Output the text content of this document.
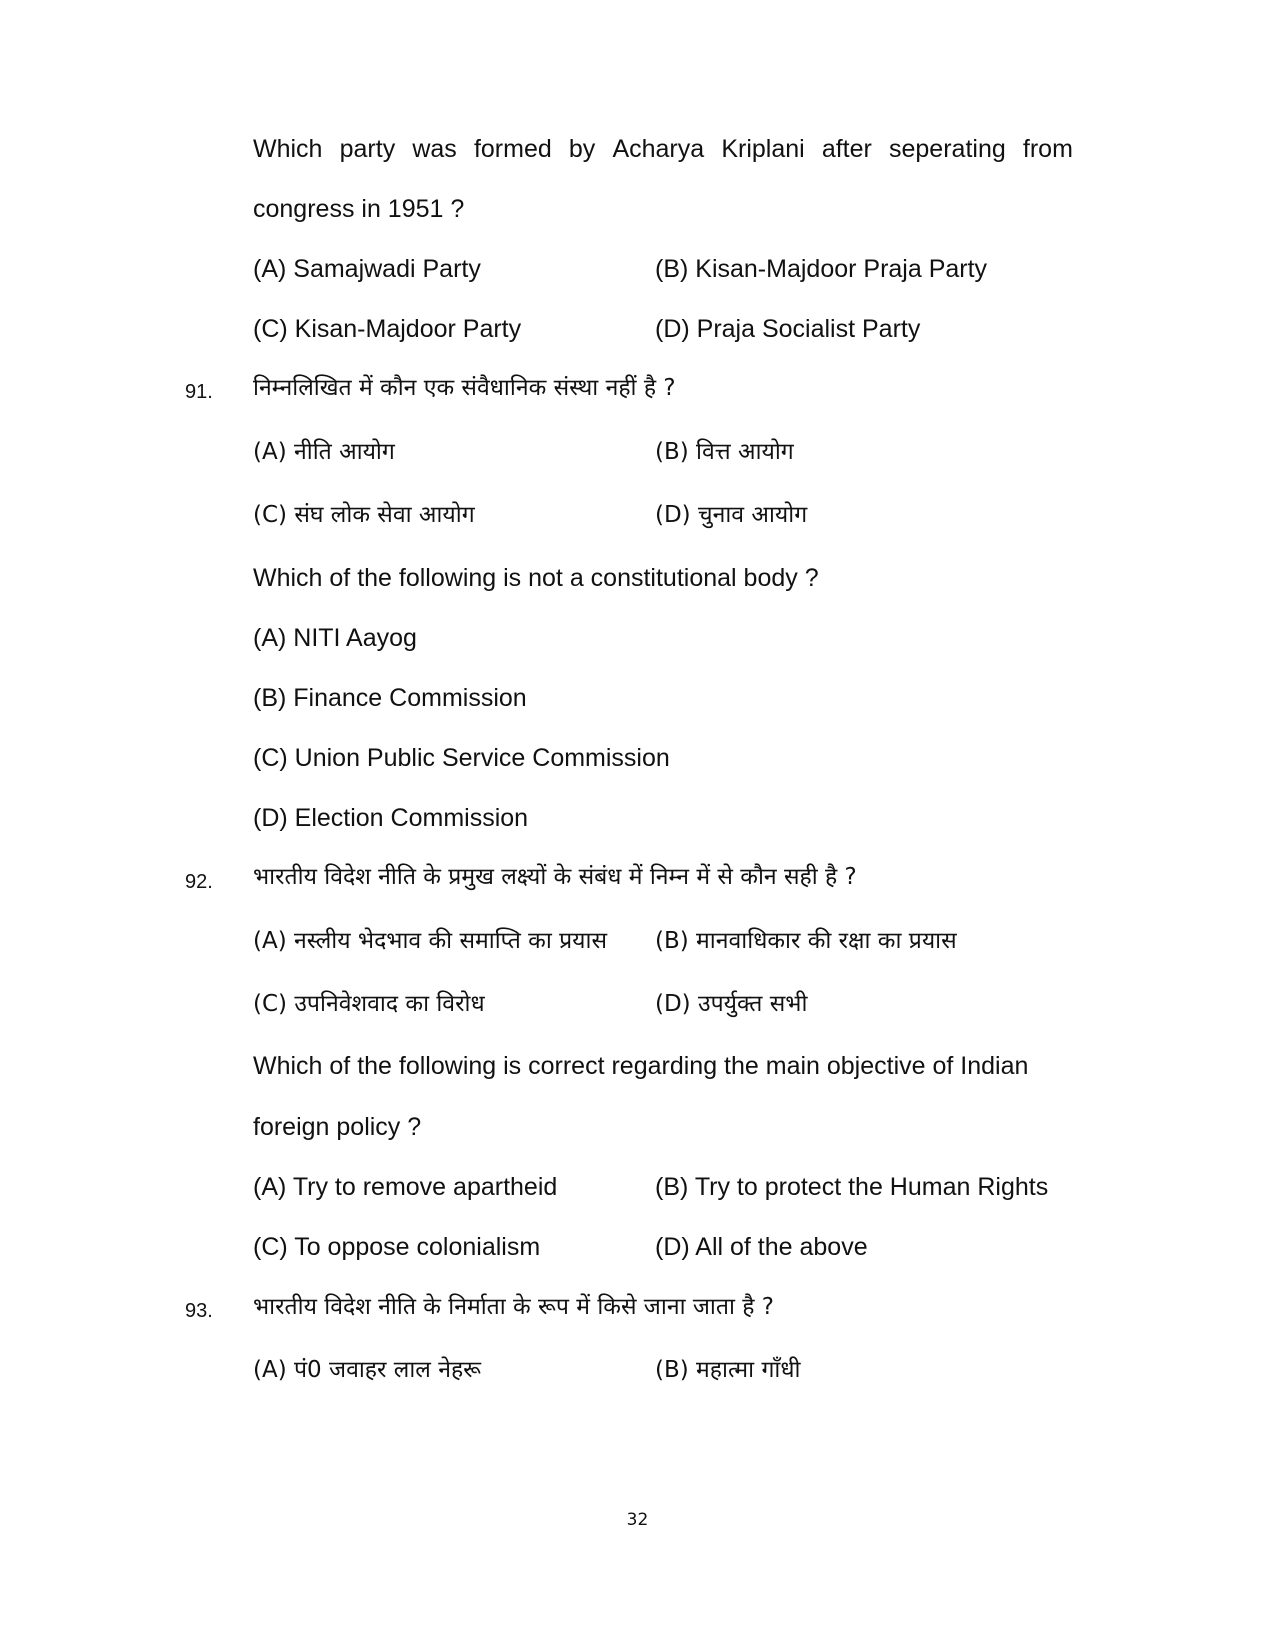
Which party was formed by Acharya Kriplani after seperating from
congress in 1951 ?
(A) Samajwadi Party	(B) Kisan-Majdoor Praja Party
(C) Kisan-Majdoor Party	(D) Praja Socialist Party
91. निम्नलिखित में कौन एक संवैधानिक संस्था नहीं है ?
(A) नीति आयोग	(B) वित्त आयोग
(C) संघ लोक सेवा आयोग	(D) चुनाव आयोग
Which of the following is not a constitutional body ?
(A) NITI Aayog
(B) Finance Commission
(C) Union Public Service Commission
(D) Election Commission
92. भारतीय विदेश नीति के प्रमुख लक्ष्यों के संबंध में निम्न में से कौन सही है ?
(A) नस्लीय भेदभाव की समाप्ति का प्रयास (B) मानवाधिकार की रक्षा का प्रयास
(C) उपनिवेशवाद का विरोध	(D) उपर्युक्त सभी
Which of the following is correct regarding the main objective of Indian
foreign policy ?
(A) Try to remove apartheid	(B) Try to protect the Human Rights
(C) To oppose colonialism	(D) All of the above
93. भारतीय विदेश नीति के निर्माता के रूप में किसे जाना जाता है ?
(A) पं0 जवाहर लाल नेहरू	(B) महात्मा गाँधी
32
